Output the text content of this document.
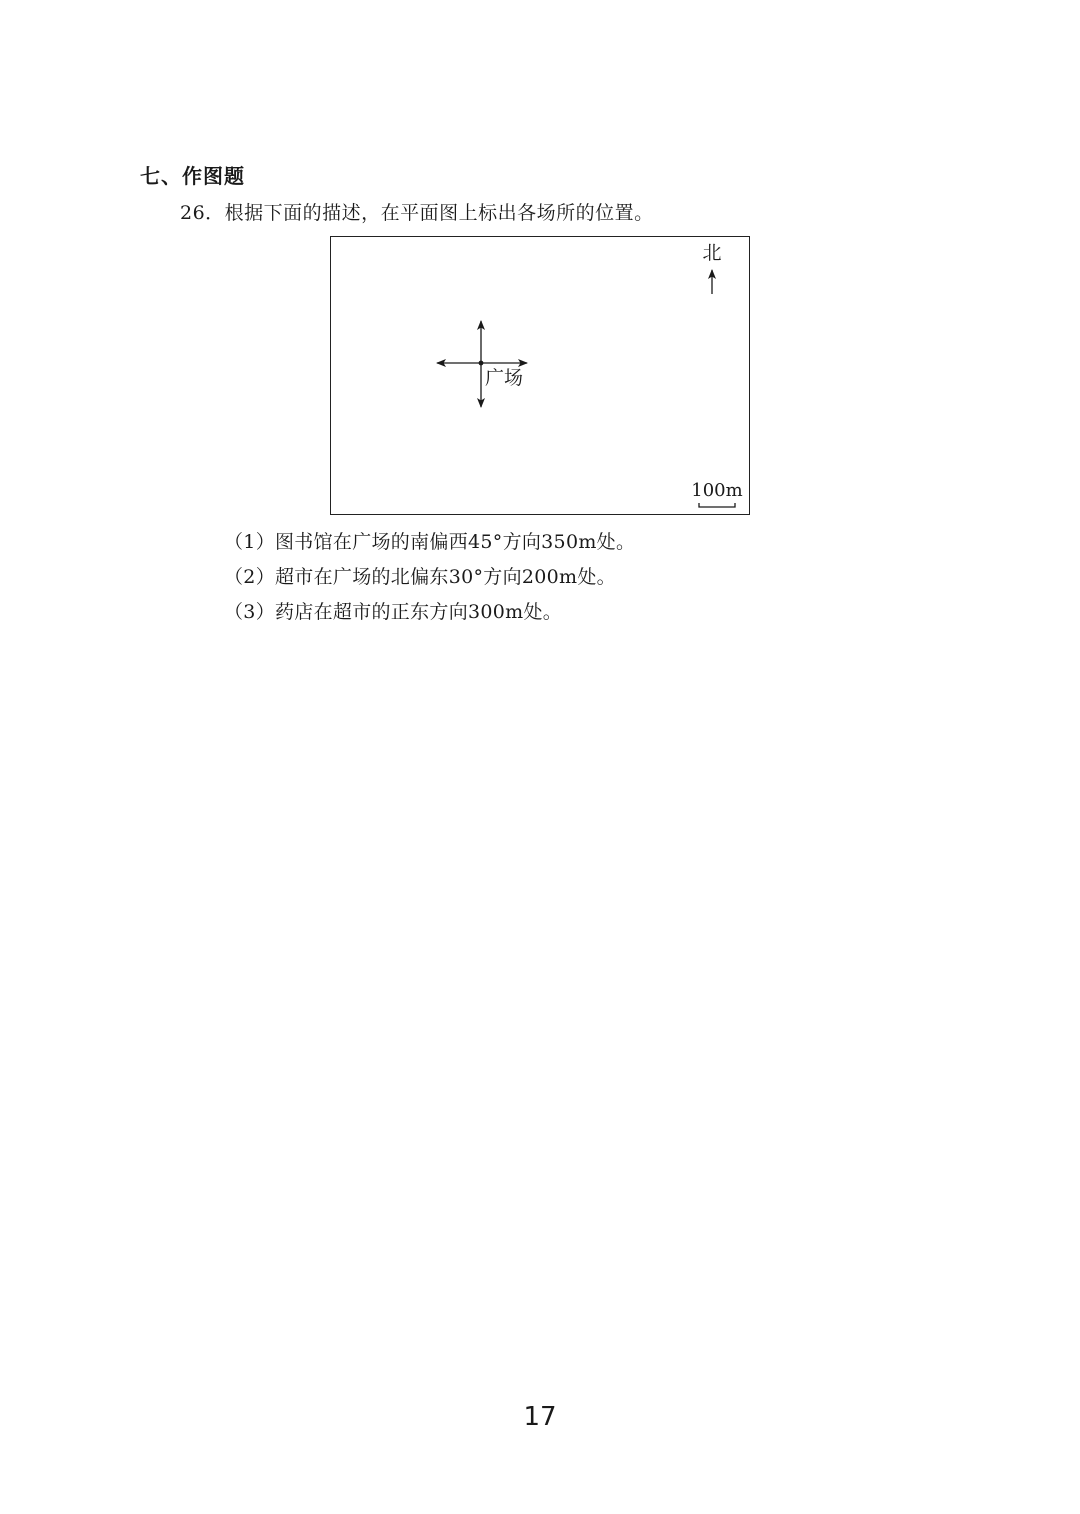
七、作图题
26．根据下面的描述，在平面图上标出各场所的位置。
北
广场
100m
（1）图书馆在广场的南偏西45°方向350m处。
（2）超市在广场的北偏东30°方向200m处。
（3）药店在超市的正东方向300m处。
17
